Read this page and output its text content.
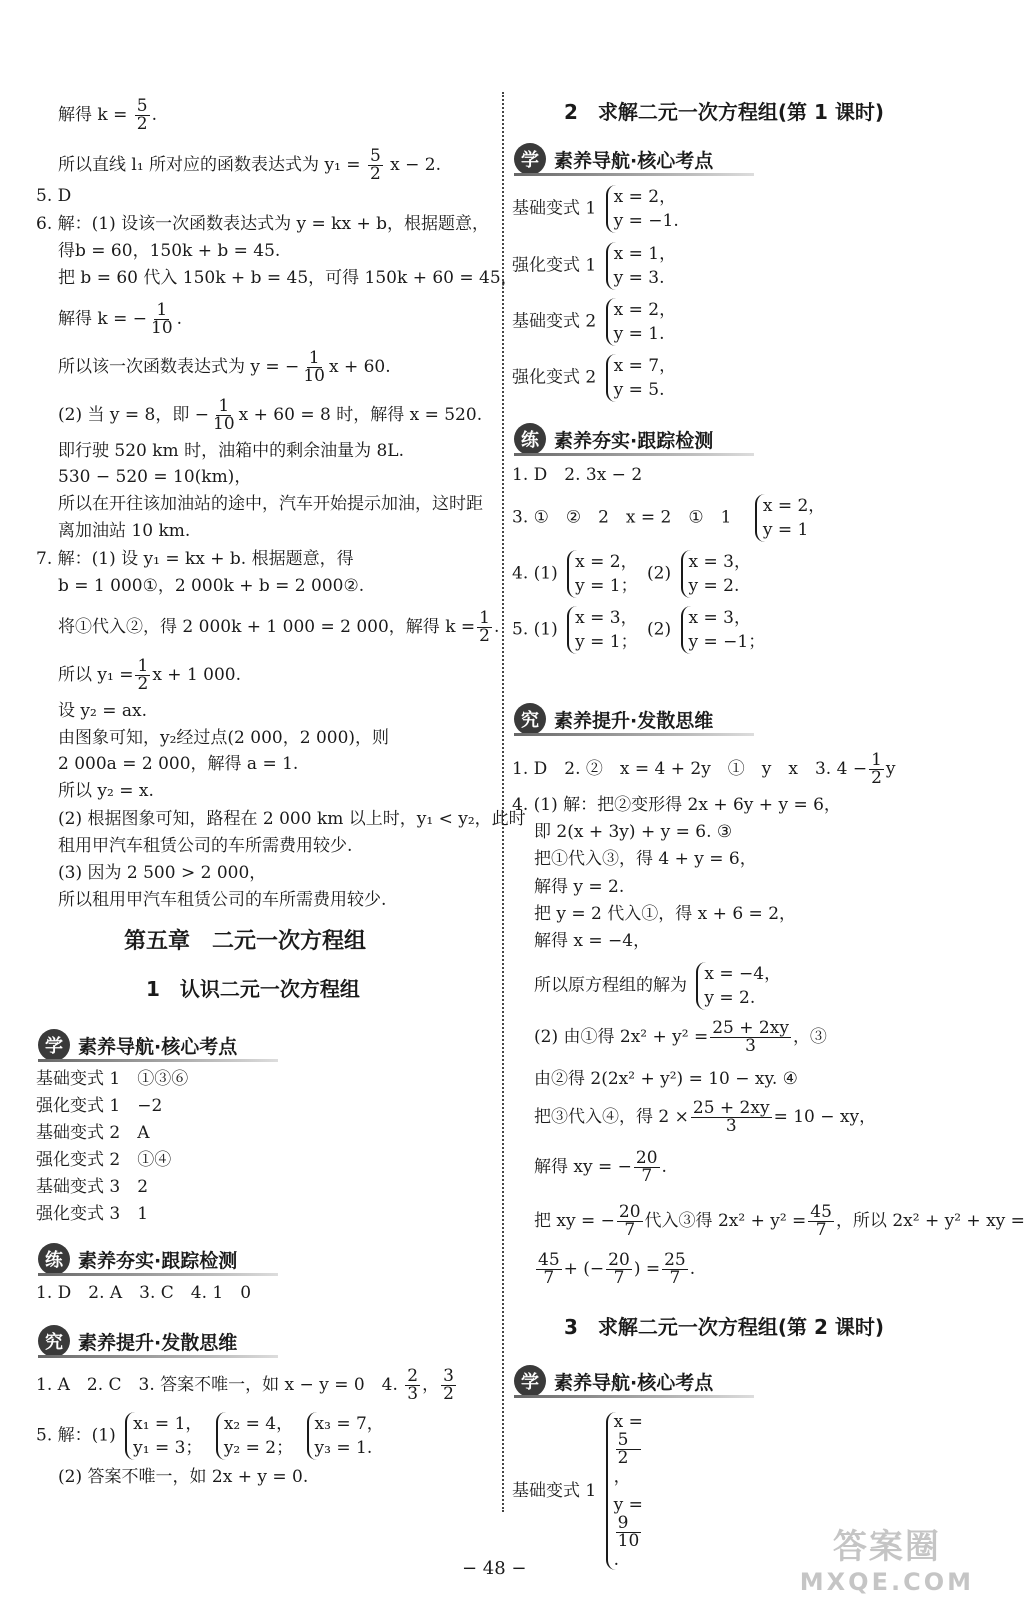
解得 $k = \frac{5}{2}$ .
所以直线 l₁ 所对应的函数表达式为 $y_1 = \frac{5}{2}$ x − 2.
5. D
6. 解：(1) 设该一次函数表达式为 y = kx + b，根据题意，
得b = 60，150k + b = 45.
把 b = 60 代入 150k + b = 45，可得 150k + 60 = 45，
解得 k = − $\frac{1}{10}$ .
所以该一次函数表达式为 y = − $\frac{1}{10}$ x + 60.
(2) 当 y = 8，即 − $\frac{1}{10}$ x + 60 = 8 时，解得 x = 520.
即行驶 520 km 时，油箱中的剩余油量为 8L.
530 − 520 = 10(km)，
所以在开往该加油站的途中，汽车开始提示加油，这时距
离加油站 10 km.
7. 解：(1) 设 y₁ = kx + b. 根据题意，得
b = 1 000①，2 000k + b = 2 000②.
将①代入②，得 2 000k + 1 000 = 2 000，解得 $k = \frac{1}{2}$ .
所以 $y_1 = \frac{1}{2}$ x + 1 000.
设 y₂ = ax.
由图象可知，y₂经过点(2 000，2 000)，则
2 000a = 2 000，解得 a = 1.
所以 y₂ = x.
(2) 根据图象可知，路程在 2 000 km 以上时，y₁ < y₂，此时
租用甲汽车租赁公司的车所需费用较少.
(3) 因为 2 500 > 2 000，
所以租用甲汽车租赁公司的车所需费用较少.
第五章　二元一次方程组
1　认识二元一次方程组
学 素养导航·核心考点
基础变式 1　①③⑥
强化变式 1　−2
基础变式 2　A
强化变式 2　①④
基础变式 3　2
强化变式 3　1
练 素养夯实·跟踪检测
1. D　2. A　3. C　4. 1　0
究 素养提升·发散思维
1. A　2. C　3. 答案不唯一，如 x − y = 0　4. $\frac{2}{3}$ ， $\frac{3}{2}$
5. 解：(1)
x₁ = 1，
y₁ = 3；

x₂ = 4，
y₂ = 2；

x₃ = 7，
y₃ = 1.
(2) 答案不唯一，如 2x + y = 0.
2　求解二元一次方程组(第 1 课时)
学 素养导航·核心考点
基础变式 1
x = 2，
y = −1.
强化变式 1
x = 1，
y = 3.
基础变式 2
x = 2，
y = 1.
强化变式 2
x = 7，
y = 5.
练 素养夯实·跟踪检测
1. D　2. 3x − 2
3. ①　②　2　x = 2　①　1
x = 2，
y = 1
4. (1)
x = 2，
y = 1；
(2)
x = 3，
y = 2.
5. (1)
x = 3，
y = 1；
(2)
x = 3，
y = −1；
究 素养提升·发散思维
1. D　2. ②　x = 4 + 2y　①　y　x　3. $4 - \frac{1}{2}$ y
4. (1) 解：把②变形得 2x + 6y + y = 6，
即 2(x + 3y) + y = 6. ③
把①代入③，得 4 + y = 6，
解得 y = 2.
把 y = 2 代入①，得 x + 6 = 2，
解得 x = −4，
所以原方程组的解为
x = −4，
y = 2.
(2) 由①得 $2x^2 + y^2 = \frac{25 + 2xy}{3}$ ，③
由②得 2(2x² + y²) = 10 − xy. ④
把③代入④，得 $2 \times \frac{25 + 2xy}{3} = 10$ − xy，
解得 xy = − $\frac{20}{7}$ .
把 xy = − $\frac{20}{7}$ 代入③得 $2x^2 + y^2 = \frac{45}{7}$ ，所以 2x² + y² + xy =
$\frac{45}{7}$ + (− $\frac{20}{7}$ ) = $\frac{25}{7}$ .
3　求解二元一次方程组(第 2 课时)
学 素养导航·核心考点
基础变式 1
x =
5
2
，
y =
9
10
.
− 48 −
答案圈
MXQE.COM
